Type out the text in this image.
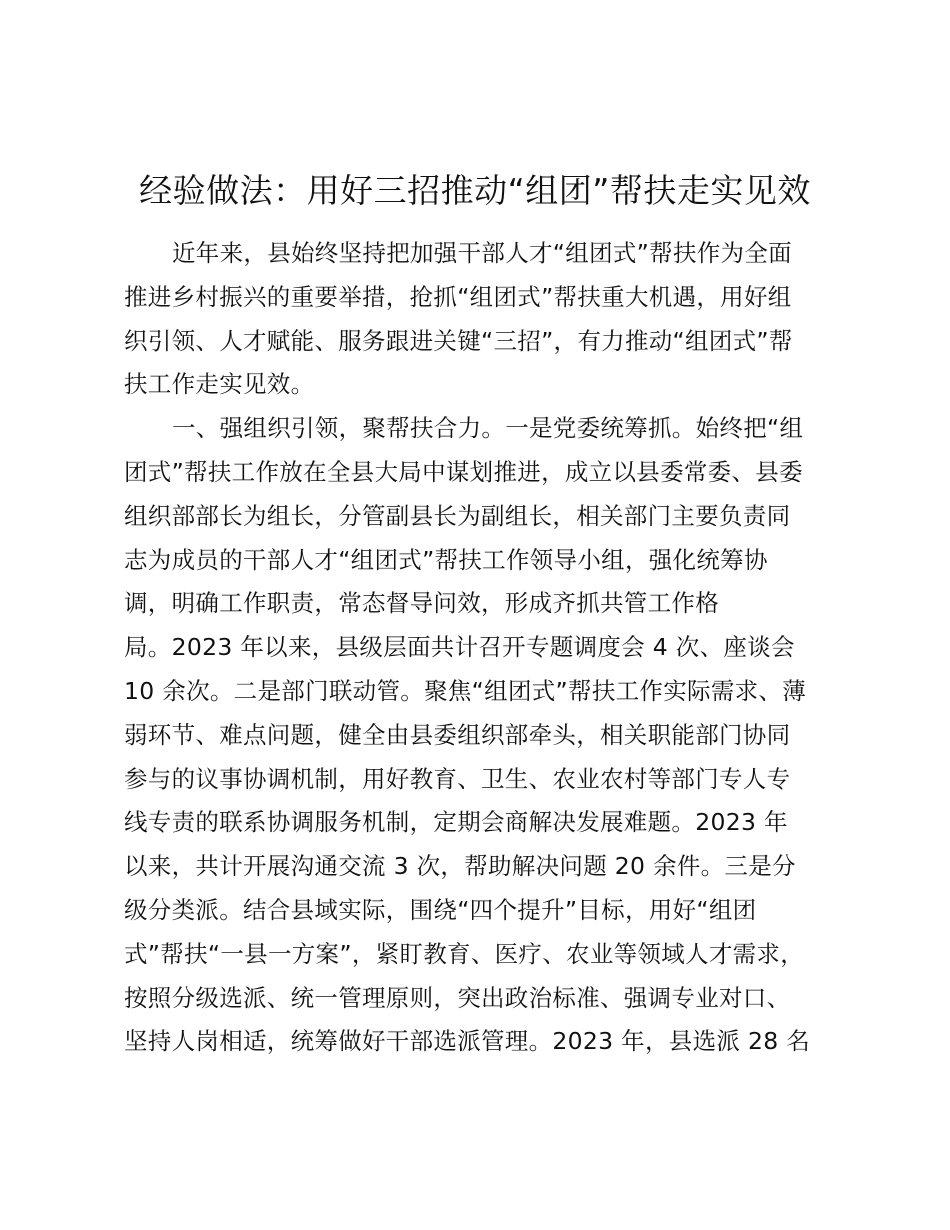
经验做法：用好三招推动“组团”帮扶走实见效
近年来，县始终坚持把加强干部人才“组团式”帮扶作为全面
推进乡村振兴的重要举措，抢抓“组团式”帮扶重大机遇，用好组
织引领、人才赋能、服务跟进关键“三招”，有力推动“组团式”帮
扶工作走实见效。
一、强组织引领，聚帮扶合力。一是党委统筹抓。始终把“组
团式”帮扶工作放在全县大局中谋划推进，成立以县委常委、县委
组织部部长为组长，分管副县长为副组长，相关部门主要负责同
志为成员的干部人才“组团式”帮扶工作领导小组，强化统筹协
调，明确工作职责，常态督导问效，形成齐抓共管工作格
局。2023 年以来，县级层面共计召开专题调度会 4 次、座谈会
10 余次。二是部门联动管。聚焦“组团式”帮扶工作实际需求、薄
弱环节、难点问题，健全由县委组织部牵头，相关职能部门协同
参与的议事协调机制，用好教育、卫生、农业农村等部门专人专
线专责的联系协调服务机制，定期会商解决发展难题。2023 年
以来，共计开展沟通交流 3 次，帮助解决问题 20 余件。三是分
级分类派。结合县域实际，围绕“四个提升”目标，用好“组团
式”帮扶“一县一方案”，紧盯教育、医疗、农业等领域人才需求，
按照分级选派、统一管理原则，突出政治标准、强调专业对口、
坚持人岗相适，统筹做好干部选派管理。2023 年，县选派 28 名
